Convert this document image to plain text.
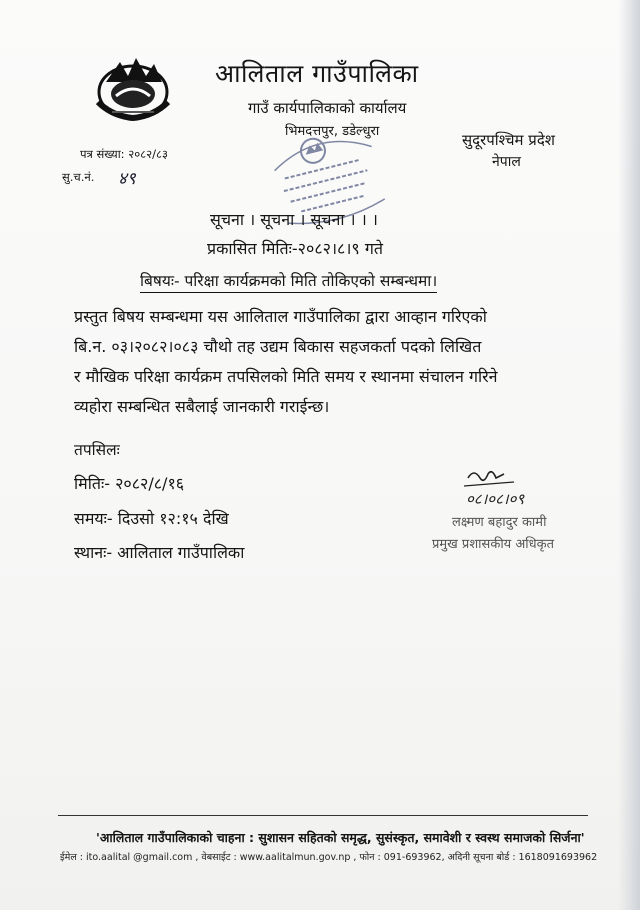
आलिताल गाउँपालिका
गाउँ कार्यपालिकाको कार्यालय
भिमदत्तपुर, डडेल्धुरा	सुदूरपश्चिम प्रदेश
नेपाल
पत्र संख्या: २०८२/८३
सु.च.नं. ४९
सूचना । सूचना । सूचना । । ।
प्रकासित मितिः-२०८२।८।९ गते
बिषयः- परिक्षा कार्यक्रमको मिति तोकिएको सम्बन्धमा।
प्रस्तुत बिषय सम्बन्धमा यस आलिताल गाउँपालिका द्वारा आव्हान गरिएको
बि.न. ०३।२०८२।०८३ चौथो तह उद्यम बिकास सहजकर्ता पदको लिखित
र मौखिक परिक्षा कार्यक्रम तपसिलको मिति समय र स्थानमा संचालन गरिने
व्यहोरा सम्बन्धित सबैलाई जानकारी गराईन्छ।
तपसिलः
मितिः- २०८२/८/१६
समयः- दिउसो १२:१५ देखि
स्थानः- आलिताल गाउँपालिका
०८।०८।०९
लक्ष्मण बहादुर कामी
प्रमुख प्रशासकीय अधिकृत
'आलिताल गाउँपालिकाको चाहना : सुशासन सहितको समृद्ध, सुसंस्कृत, समावेशी र स्वस्थ समाजको सिर्जना'
ईमेल : ito.aalital @gmail.com , वेबसाईट : www.aalitalmun.gov.np , फोन : 091-693962, अदिनी सूचना बोर्ड : 1618091693962
